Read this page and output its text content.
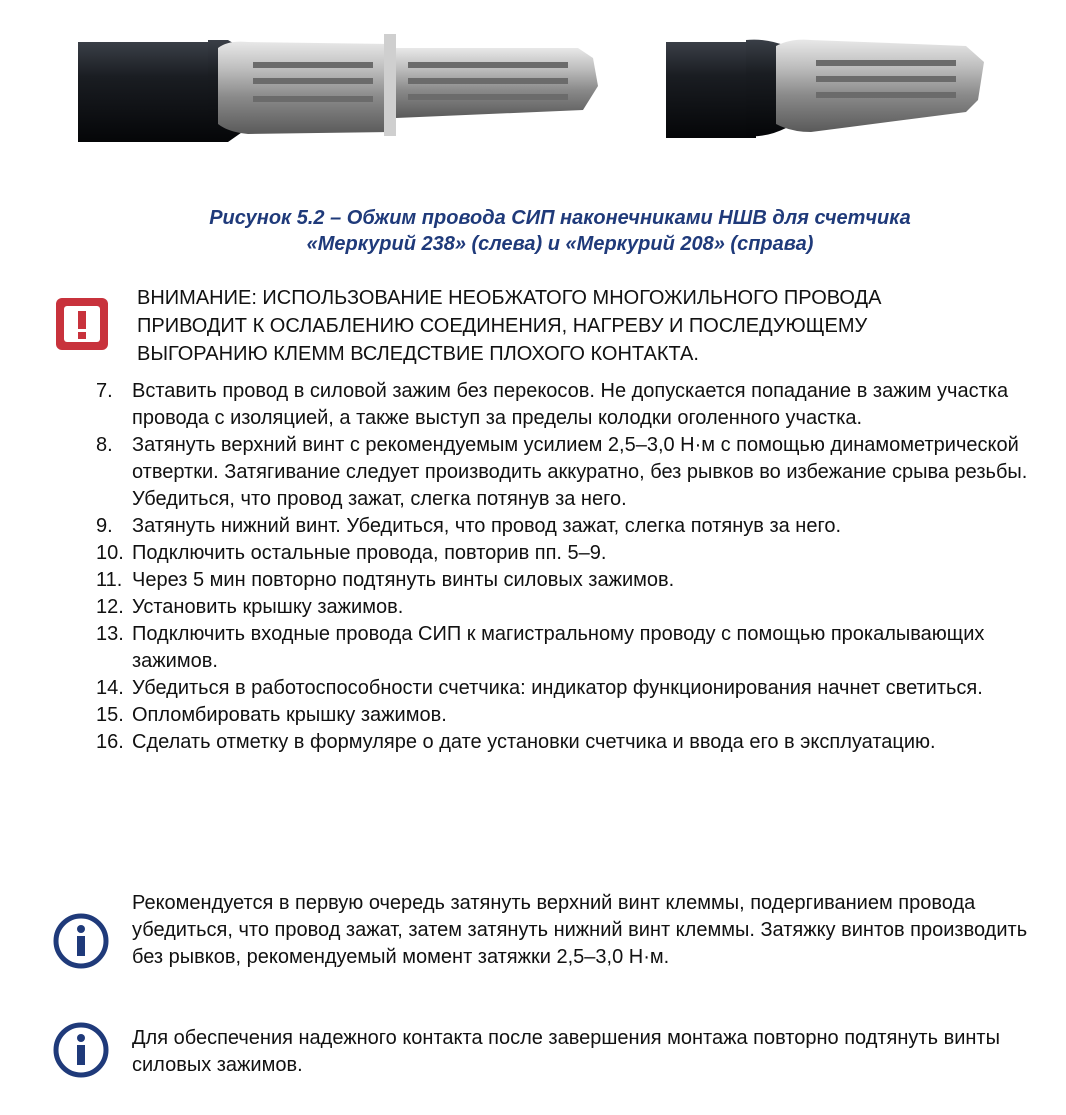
Рисунок 5.2 – Обжим провода СИП наконечниками НШВ для счетчика
«Меркурий 238» (слева) и «Меркурий 208» (справа)
ВНИМАНИЕ: ИСПОЛЬЗОВАНИЕ НЕОБЖАТОГО МНОГОЖИЛЬНОГО ПРОВОДА
ПРИВОДИТ К ОСЛАБЛЕНИЮ СОЕДИНЕНИЯ, НАГРЕВУ И ПОСЛЕДУЮЩЕМУ
ВЫГОРАНИЮ КЛЕММ ВСЛЕДСТВИЕ ПЛОХОГО КОНТАКТА.
7. Вставить провод в силовой зажим без перекосов. Не допускается попадание в зажим участка провода с изоляцией, а также выступ за пределы колодки оголенного участка.
8. Затянуть верхний винт с рекомендуемым усилием 2,5–3,0 Н·м с помощью динамометрической отвертки. Затягивание следует производить аккуратно, без рывков во избежание срыва резьбы. Убедиться, что провод зажат, слегка потянув за него.
9. Затянуть нижний винт. Убедиться, что провод зажат, слегка потянув за него.
10. Подключить остальные провода, повторив пп. 5–9.
11. Через 5 мин повторно подтянуть винты силовых зажимов.
12. Установить крышку зажимов.
13. Подключить входные провода СИП к магистральному проводу с помощью прокалывающих зажимов.
14. Убедиться в работоспособности счетчика: индикатор функционирования начнет светиться.
15. Опломбировать крышку зажимов.
16. Сделать отметку в формуляре о дате установки счетчика и ввода его в эксплуатацию.
Рекомендуется в первую очередь затянуть верхний винт клеммы, подергиванием провода убедиться, что провод зажат, затем затянуть нижний винт клеммы. Затяжку винтов производить без рывков, рекомендуемый момент затяжки 2,5–3,0 Н·м.
Для обеспечения надежного контакта после завершения монтажа повторно подтянуть винты силовых зажимов.
